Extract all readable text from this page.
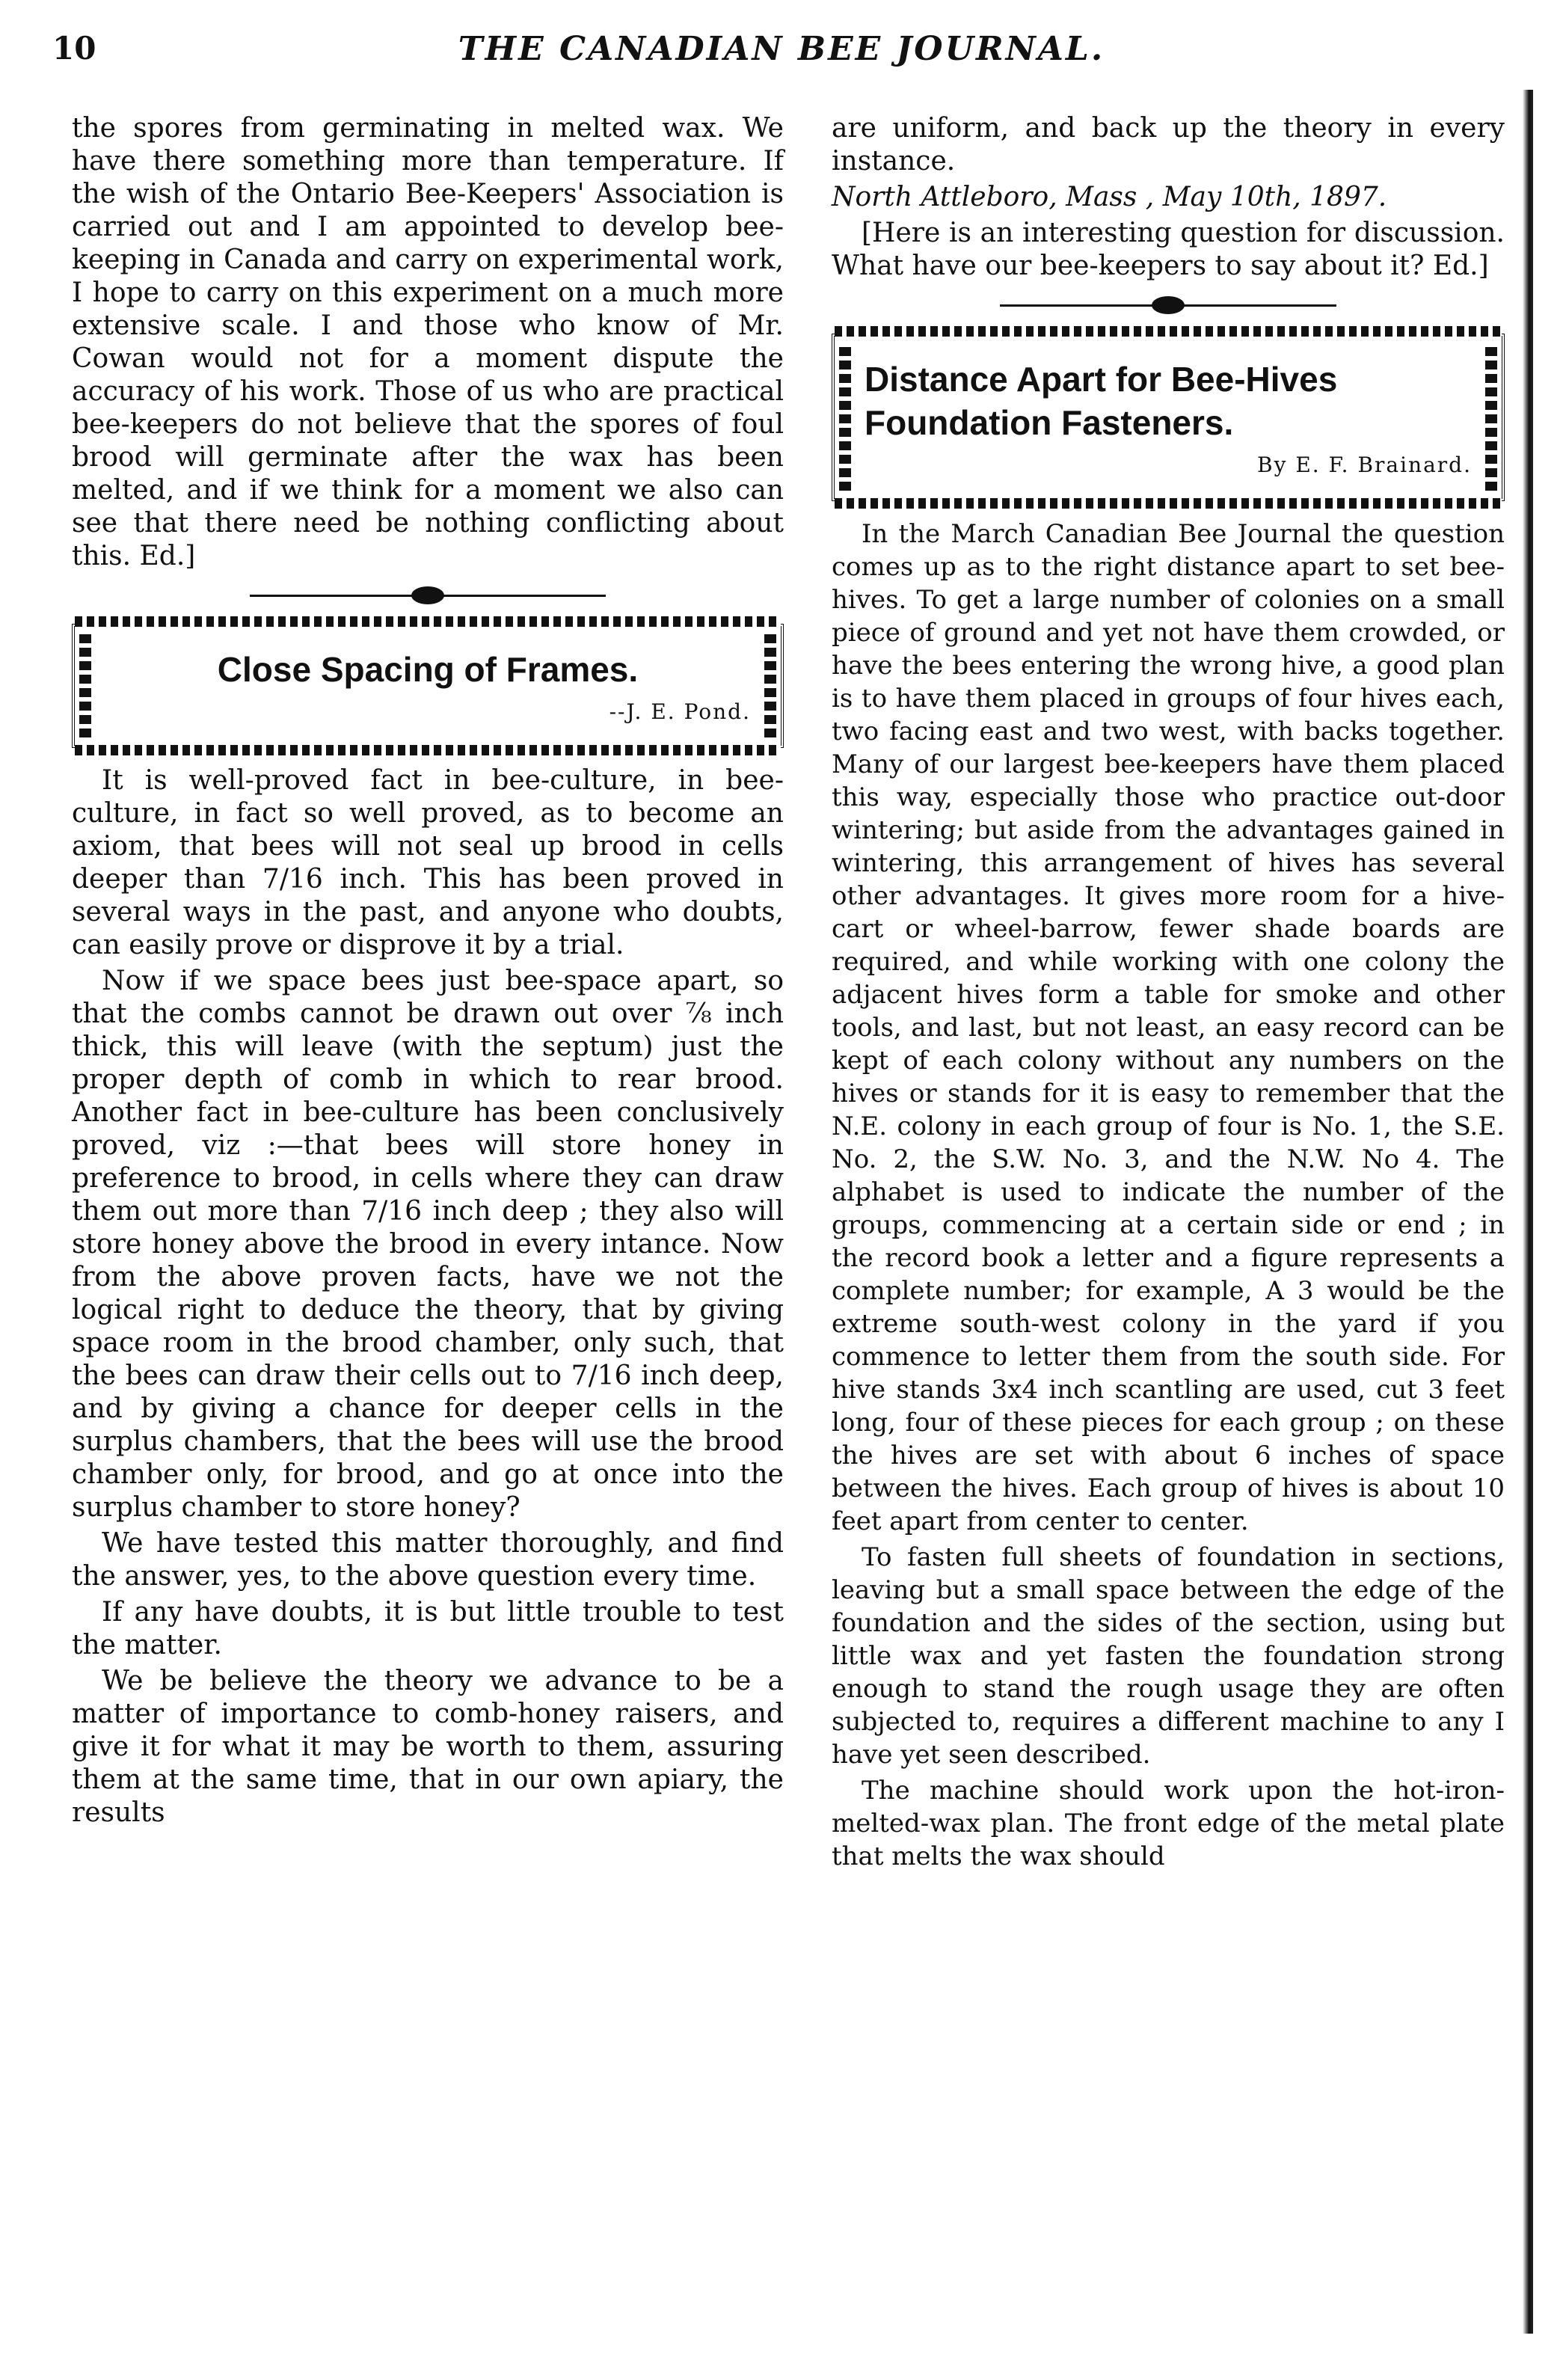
10	THE CANADIAN BEE JOURNAL.

the spores from germinating in melted wax. We have there something more than temperature. If the wish of the Ontario Bee-Keepers' Association is carried out and I am appointed to develop bee-keeping in Canada and carry on experimental work, I hope to carry on this experiment on a much more extensive scale. I and those who know of Mr. Cowan would not for a moment dispute the accuracy of his work. Those of us who are practical bee-keepers do not believe that the spores of foul brood will germinate after the wax has been melted, and if we think for a moment we also can see that there need be nothing conflicting about this. Ed.]

Close Spacing of Frames.
--J. E. Pond.

It is well-proved fact in bee-culture, in bee-culture, in fact so well proved, as to become an axiom, that bees will not seal up brood in cells deeper than 7/16 inch. This has been proved in several ways in the past, and anyone who doubts, can easily prove or disprove it by a trial.

Now if we space bees just bee-space apart, so that the combs cannot be drawn out over ⅞ inch thick, this will leave (with the septum) just the proper depth of comb in which to rear brood. Another fact in bee-culture has been conclusively proved, viz :—that bees will store honey in preference to brood, in cells where they can draw them out more than 7/16 inch deep ; they also will store honey above the brood in every intance. Now from the above proven facts, have we not the logical right to deduce the theory, that by giving space room in the brood chamber, only such, that the bees can draw their cells out to 7/16 inch deep, and by giving a chance for deeper cells in the surplus chambers, that the bees will use the brood chamber only, for brood, and go at once into the surplus chamber to store honey?

We have tested this matter thoroughly, and find the answer, yes, to the above question every time.

If any have doubts, it is but little trouble to test the matter.

We be believe the theory we advance to be a matter of importance to comb-honey raisers, and give it for what it may be worth to them, assuring them at the same time, that in our own apiary, the results

are uniform, and back up the theory in every instance.

North Attleboro, Mass , May 10th, 1897.

[Here is an interesting question for discussion. What have our bee-keepers to say about it? Ed.]

Distance Apart for Bee-Hives
Foundation Fasteners.
By E. F. Brainard.

In the March Canadian Bee Journal the question comes up as to the right distance apart to set bee-hives. To get a large number of colonies on a small piece of ground and yet not have them crowded, or have the bees entering the wrong hive, a good plan is to have them placed in groups of four hives each, two facing east and two west, with backs together. Many of our largest bee-keepers have them placed this way, especially those who practice out-door wintering; but aside from the advantages gained in wintering, this arrangement of hives has several other advantages. It gives more room for a hive-cart or wheel-barrow, fewer shade boards are required, and while working with one colony the adjacent hives form a table for smoke and other tools, and last, but not least, an easy record can be kept of each colony without any numbers on the hives or stands for it is easy to remember that the N.E. colony in each group of four is No. 1, the S.E. No. 2, the S.W. No. 3, and the N.W. No 4. The alphabet is used to indicate the number of the groups, commencing at a certain side or end ; in the record book a letter and a figure represents a complete number; for example, A 3 would be the extreme south-west colony in the yard if you commence to letter them from the south side. For hive stands 3x4 inch scantling are used, cut 3 feet long, four of these pieces for each group ; on these the hives are set with about 6 inches of space between the hives. Each group of hives is about 10 feet apart from center to center.

To fasten full sheets of foundation in sections, leaving but a small space between the edge of the foundation and the sides of the section, using but little wax and yet fasten the foundation strong enough to stand the rough usage they are often subjected to, requires a different machine to any I have yet seen described.

The machine should work upon the hot-iron-melted-wax plan. The front edge of the metal plate that melts the wax should
